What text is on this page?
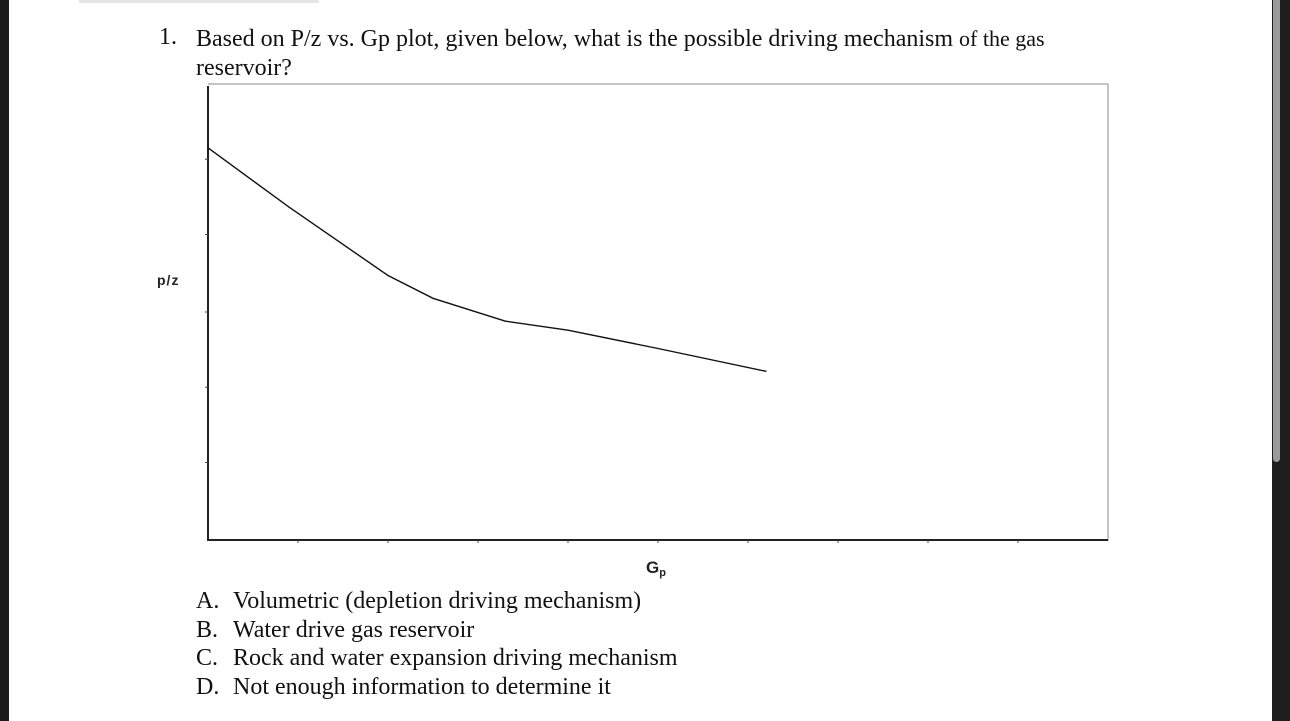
1. Based on P/z vs. Gp plot, given below, what is the possible driving mechanism of the gas
reservoir?
p/z
$G_p$
A. Volumetric (depletion driving mechanism)
B. Water drive gas reservoir
C. Rock and water expansion driving mechanism
D. Not enough information to determine it
